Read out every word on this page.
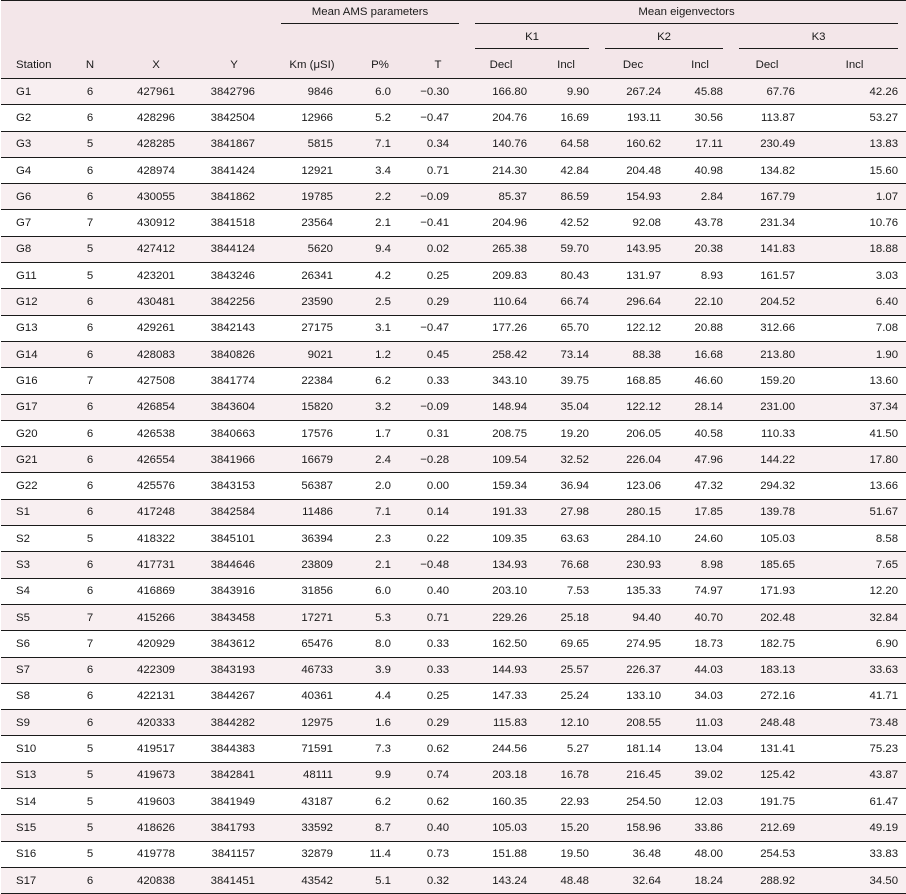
				Mean AMS parameters			Mean eigenvectors					

							K1		K2		K3	

Station	N	X	Y	Km (μSI)	P%	T	Decl	Incl	Dec	Incl	Decl	Incl
G1	6	427961	3842796	9846	6.0	−0.30	166.80	9.90	267.24	45.88	67.76	42.26
G2	6	428296	3842504	12966	5.2	−0.47	204.76	16.69	193.11	30.56	113.87	53.27
G3	5	428285	3841867	5815	7.1	0.34	140.76	64.58	160.62	17.11	230.49	13.83
G4	6	428974	3841424	12921	3.4	0.71	214.30	42.84	204.48	40.98	134.82	15.60
G6	6	430055	3841862	19785	2.2	−0.09	85.37	86.59	154.93	2.84	167.79	1.07
G7	7	430912	3841518	23564	2.1	−0.41	204.96	42.52	92.08	43.78	231.34	10.76
G8	5	427412	3844124	5620	9.4	0.02	265.38	59.70	143.95	20.38	141.83	18.88
G11	5	423201	3843246	26341	4.2	0.25	209.83	80.43	131.97	8.93	161.57	3.03
G12	6	430481	3842256	23590	2.5	0.29	110.64	66.74	296.64	22.10	204.52	6.40
G13	6	429261	3842143	27175	3.1	−0.47	177.26	65.70	122.12	20.88	312.66	7.08
G14	6	428083	3840826	9021	1.2	0.45	258.42	73.14	88.38	16.68	213.80	1.90
G16	7	427508	3841774	22384	6.2	0.33	343.10	39.75	168.85	46.60	159.20	13.60
G17	6	426854	3843604	15820	3.2	−0.09	148.94	35.04	122.12	28.14	231.00	37.34
G20	6	426538	3840663	17576	1.7	0.31	208.75	19.20	206.05	40.58	110.33	41.50
G21	6	426554	3841966	16679	2.4	−0.28	109.54	32.52	226.04	47.96	144.22	17.80
G22	6	425576	3843153	56387	2.0	0.00	159.34	36.94	123.06	47.32	294.32	13.66
S1	6	417248	3842584	11486	7.1	0.14	191.33	27.98	280.15	17.85	139.78	51.67
S2	5	418322	3845101	36394	2.3	0.22	109.35	63.63	284.10	24.60	105.03	8.58
S3	6	417731	3844646	23809	2.1	−0.48	134.93	76.68	230.93	8.98	185.65	7.65
S4	6	416869	3843916	31856	6.0	0.40	203.10	7.53	135.33	74.97	171.93	12.20
S5	7	415266	3843458	17271	5.3	0.71	229.26	25.18	94.40	40.70	202.48	32.84
S6	7	420929	3843612	65476	8.0	0.33	162.50	69.65	274.95	18.73	182.75	6.90
S7	6	422309	3843193	46733	3.9	0.33	144.93	25.57	226.37	44.03	183.13	33.63
S8	6	422131	3844267	40361	4.4	0.25	147.33	25.24	133.10	34.03	272.16	41.71
S9	6	420333	3844282	12975	1.6	0.29	115.83	12.10	208.55	11.03	248.48	73.48
S10	5	419517	3844383	71591	7.3	0.62	244.56	5.27	181.14	13.04	131.41	75.23
S13	5	419673	3842841	48111	9.9	0.74	203.18	16.78	216.45	39.02	125.42	43.87
S14	5	419603	3841949	43187	6.2	0.62	160.35	22.93	254.50	12.03	191.75	61.47
S15	5	418626	3841793	33592	8.7	0.40	105.03	15.20	158.96	33.86	212.69	49.19
S16	5	419778	3841157	32879	11.4	0.73	151.88	19.50	36.48	48.00	254.53	33.83
S17	6	420838	3841451	43542	5.1	0.32	143.24	48.48	32.64	18.24	288.92	34.50
